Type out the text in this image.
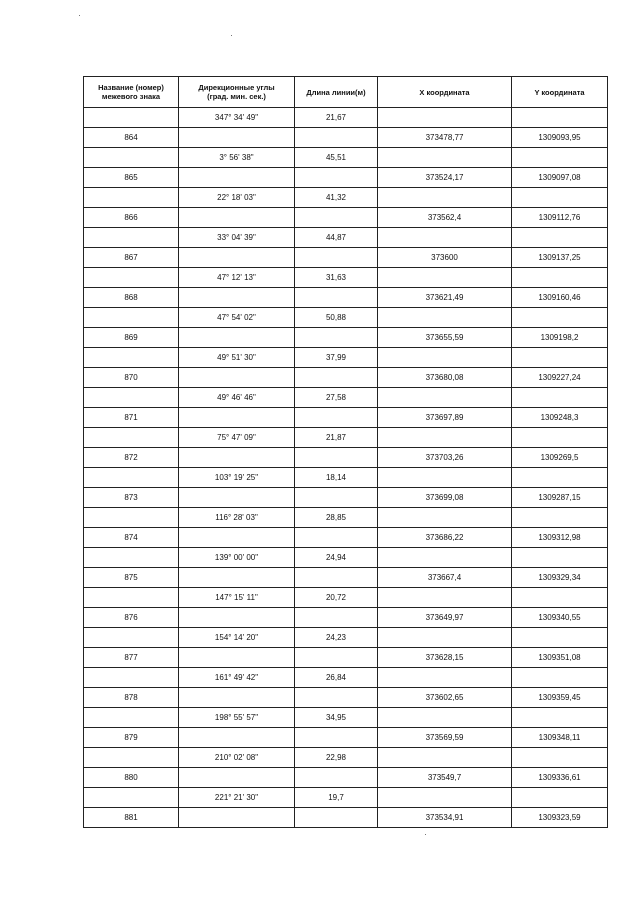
Название (номер)
межевого знака	Дирекционные углы
(град. мин. сек.)	Длина линии(м)	X координата	Y координата
	347° 34' 49"	21,67		
864			373478,77	1309093,95
	3° 56' 38"	45,51		
865			373524,17	1309097,08
	22° 18' 03"	41,32		
866			373562,4	1309112,76
	33° 04' 39"	44,87		
867			373600	1309137,25
	47° 12' 13"	31,63		
868			373621,49	1309160,46
	47° 54' 02"	50,88		
869			373655,59	1309198,2
	49° 51' 30"	37,99		
870			373680,08	1309227,24
	49° 46' 46"	27,58		
871			373697,89	1309248,3
	75° 47' 09"	21,87		
872			373703,26	1309269,5
	103° 19' 25"	18,14		
873			373699,08	1309287,15
	116° 28' 03"	28,85		
874			373686,22	1309312,98
	139° 00' 00"	24,94		
875			373667,4	1309329,34
	147° 15' 11"	20,72		
876			373649,97	1309340,55
	154° 14' 20"	24,23		
877			373628,15	1309351,08
	161° 49' 42"	26,84		
878			373602,65	1309359,45
	198° 55' 57"	34,95		
879			373569,59	1309348,11
	210° 02' 08"	22,98		
880			373549,7	1309336,61
	221° 21' 30"	19,7		
881			373534,91	1309323,59
